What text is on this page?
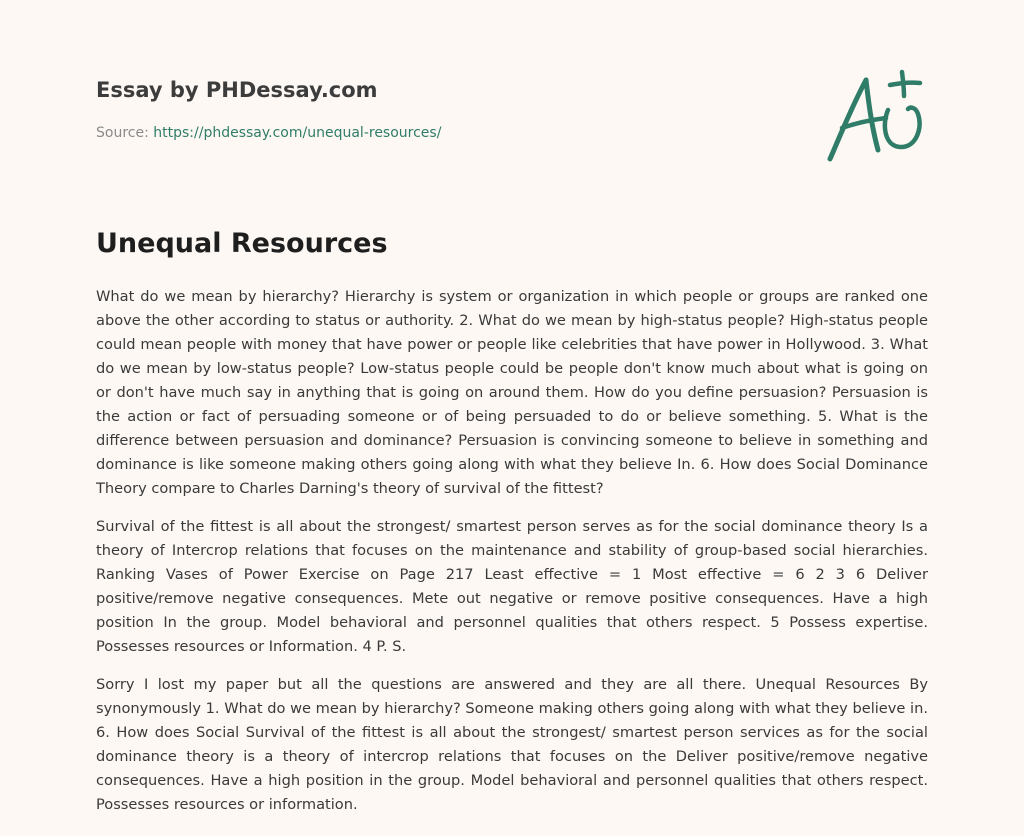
Essay by PHDessay.com
Source: https://phdessay.com/unequal-resources/
Unequal Resources

What do we mean by hierarchy? Hierarchy is system or organization in which people or groups are ranked one above the other according to status or authority. 2. What do we mean by high-status people? High-status people could mean people with money that have power or people like celebrities that have power in Hollywood. 3. What do we mean by low-status people? Low-status people could be people don't know much about what is going on or don't have much say in anything that is going on around them. How do you define persuasion? Persuasion is the action or fact of persuading someone or of being persuaded to do or believe something. 5. What is the difference between persuasion and dominance? Persuasion is convincing someone to believe in something and dominance is like someone making others going along with what they believe In. 6. How does Social Dominance Theory compare to Charles Darning's theory of survival of the fittest?

Survival of the fittest is all about the strongest/ smartest person serves as for the social dominance theory Is a theory of Intercrop relations that focuses on the maintenance and stability of group-based social hierarchies. Ranking Vases of Power Exercise on Page 217 Least effective = 1 Most effective = 6 2 3 6 Deliver positive/remove negative consequences. Mete out negative or remove positive consequences. Have a high position In the group. Model behavioral and personnel qualities that others respect. 5 Possess expertise. Possesses resources or Information. 4 P. S.

Sorry I lost my paper but all the questions are answered and they are all there. Unequal Resources By synonymously 1. What do we mean by hierarchy? Someone making others going along with what they believe in. 6. How does Social Survival of the fittest is all about the strongest/ smartest person services as for the social dominance theory is a theory of intercrop relations that focuses on the Deliver positive/remove negative consequences. Have a high position in the group. Model behavioral and personnel qualities that others respect. Possesses resources or information.
